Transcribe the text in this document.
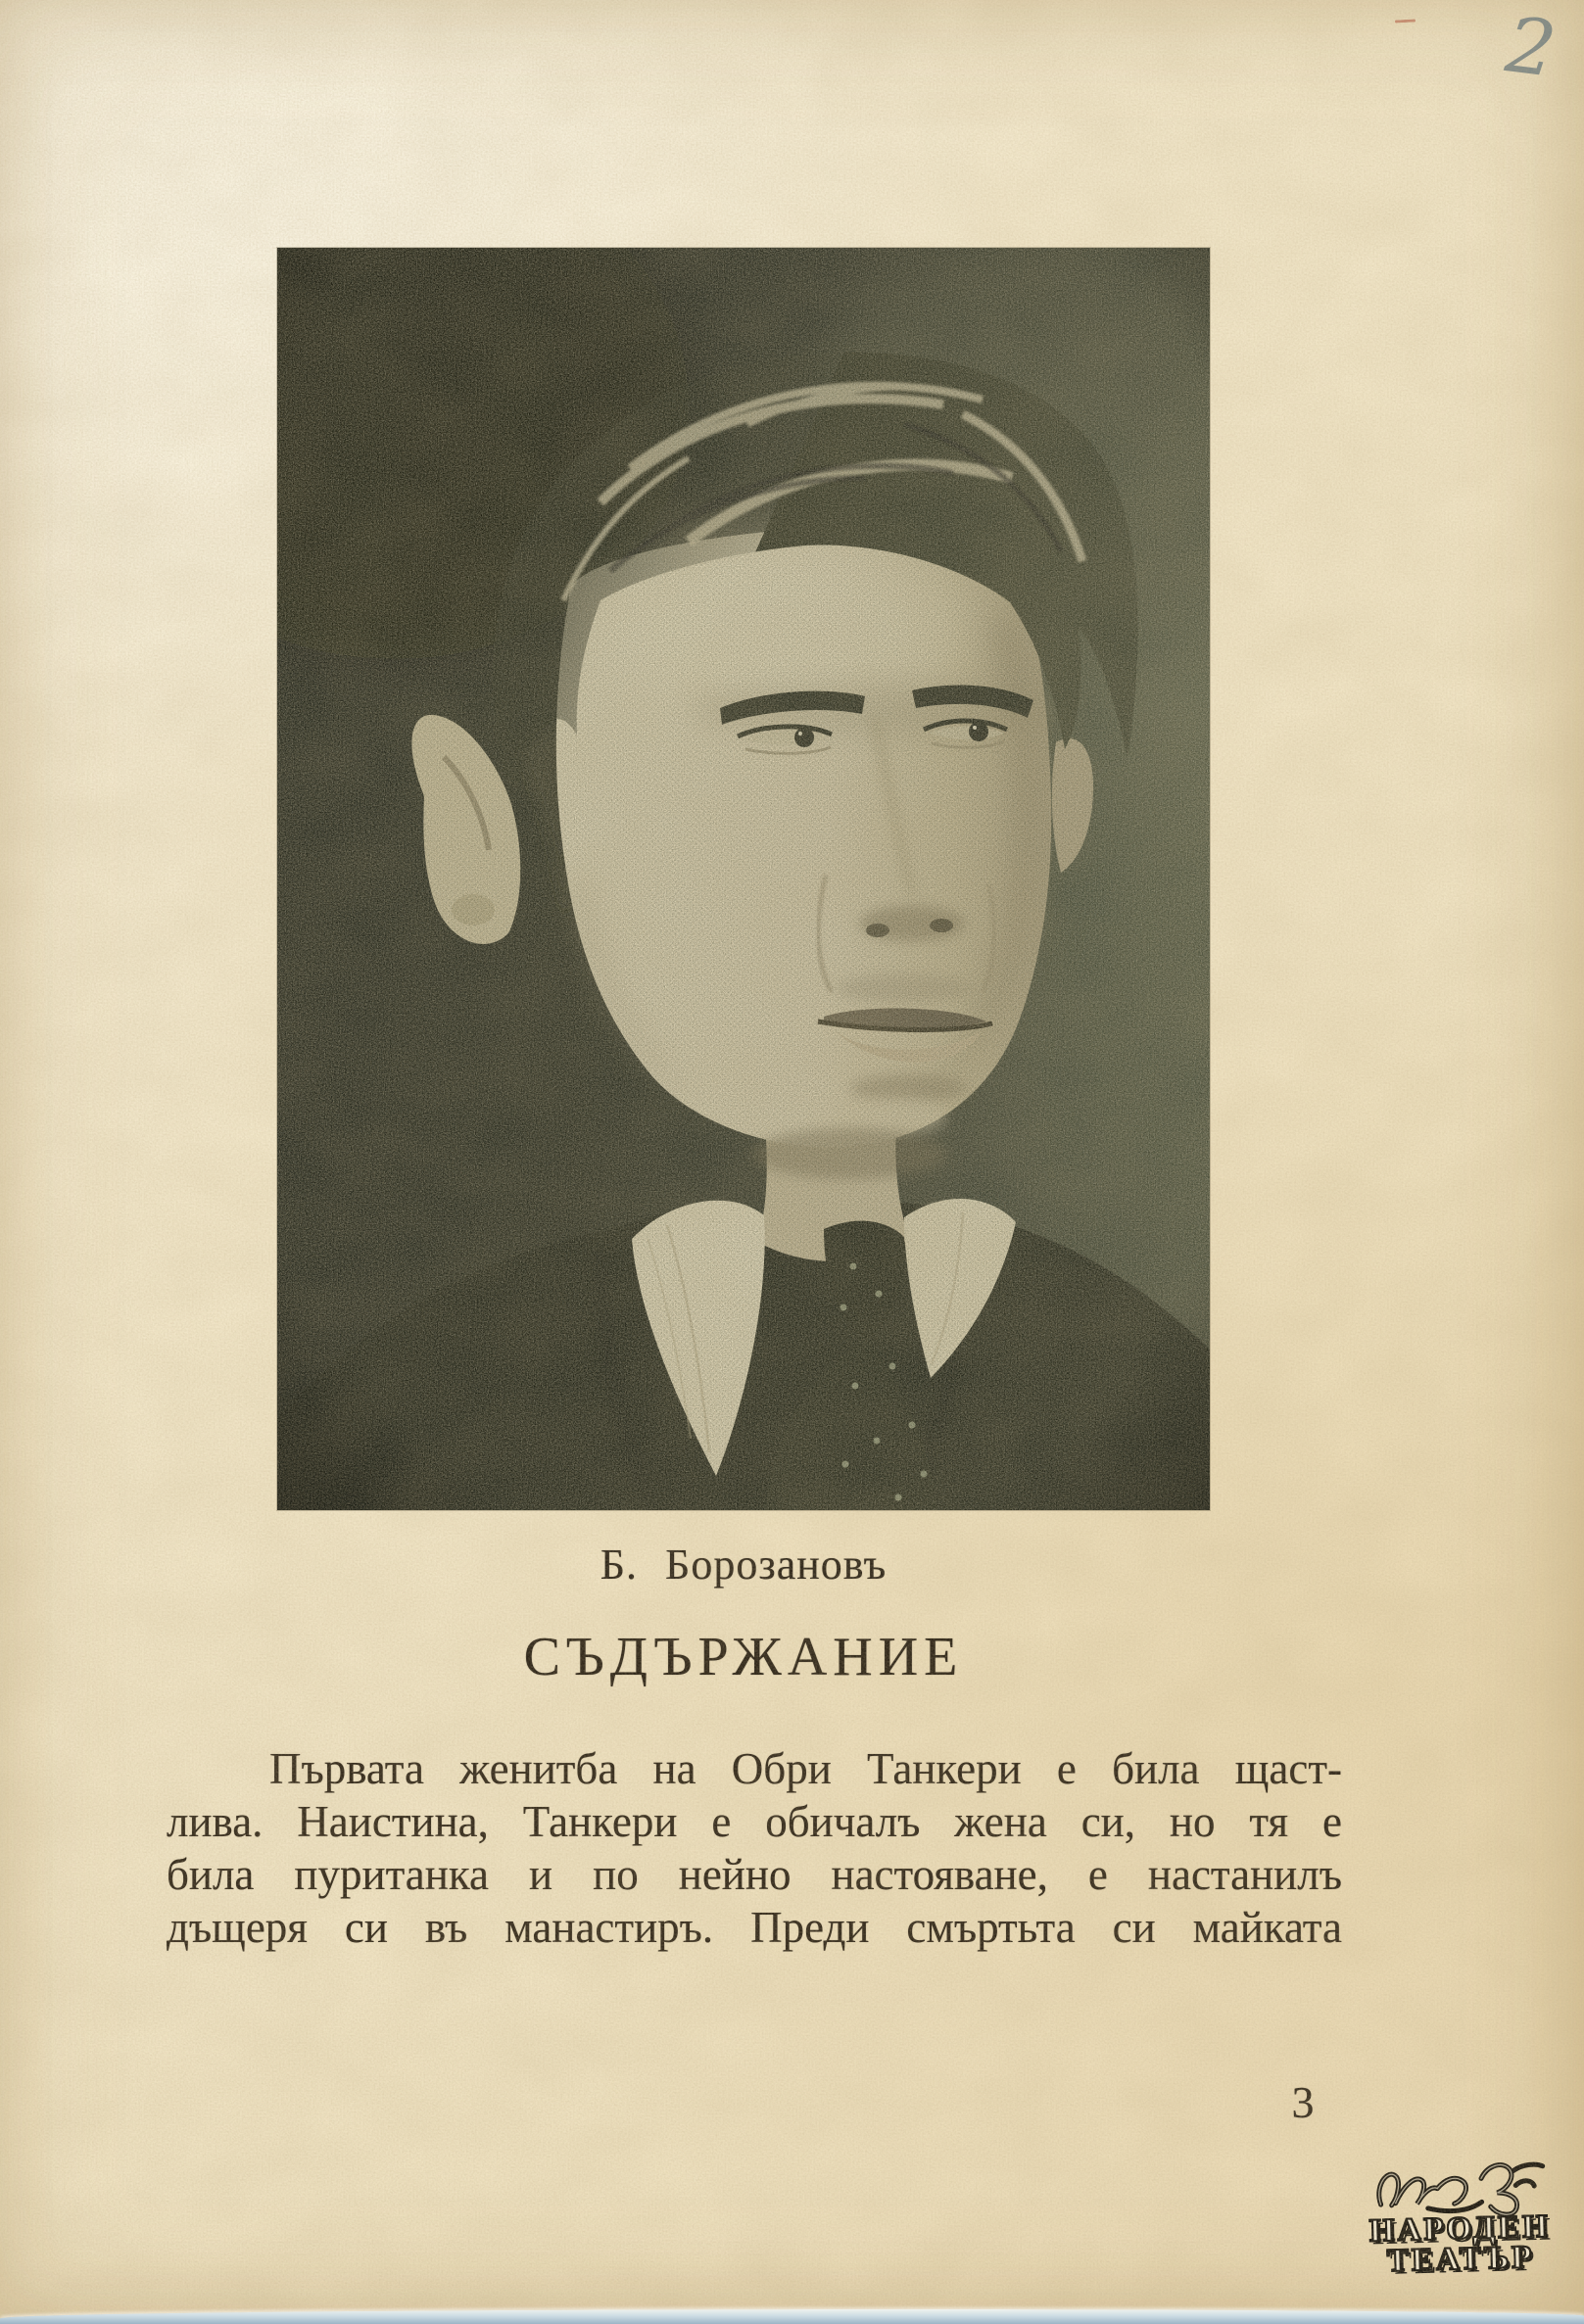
Б. Борозановъ
СЪДЪРЖАНИЕ
Първата женитба на Обри Танкери е била щаст-
лива. Наистина, Танкери е обичалъ жена си, но тя е
била пуританка и по нейно настояване, е настанилъ
дъщеря си въ манастиръ. Преди смъртьта си майката
3
2
НАРОДЕН
ТЕАТЪР
